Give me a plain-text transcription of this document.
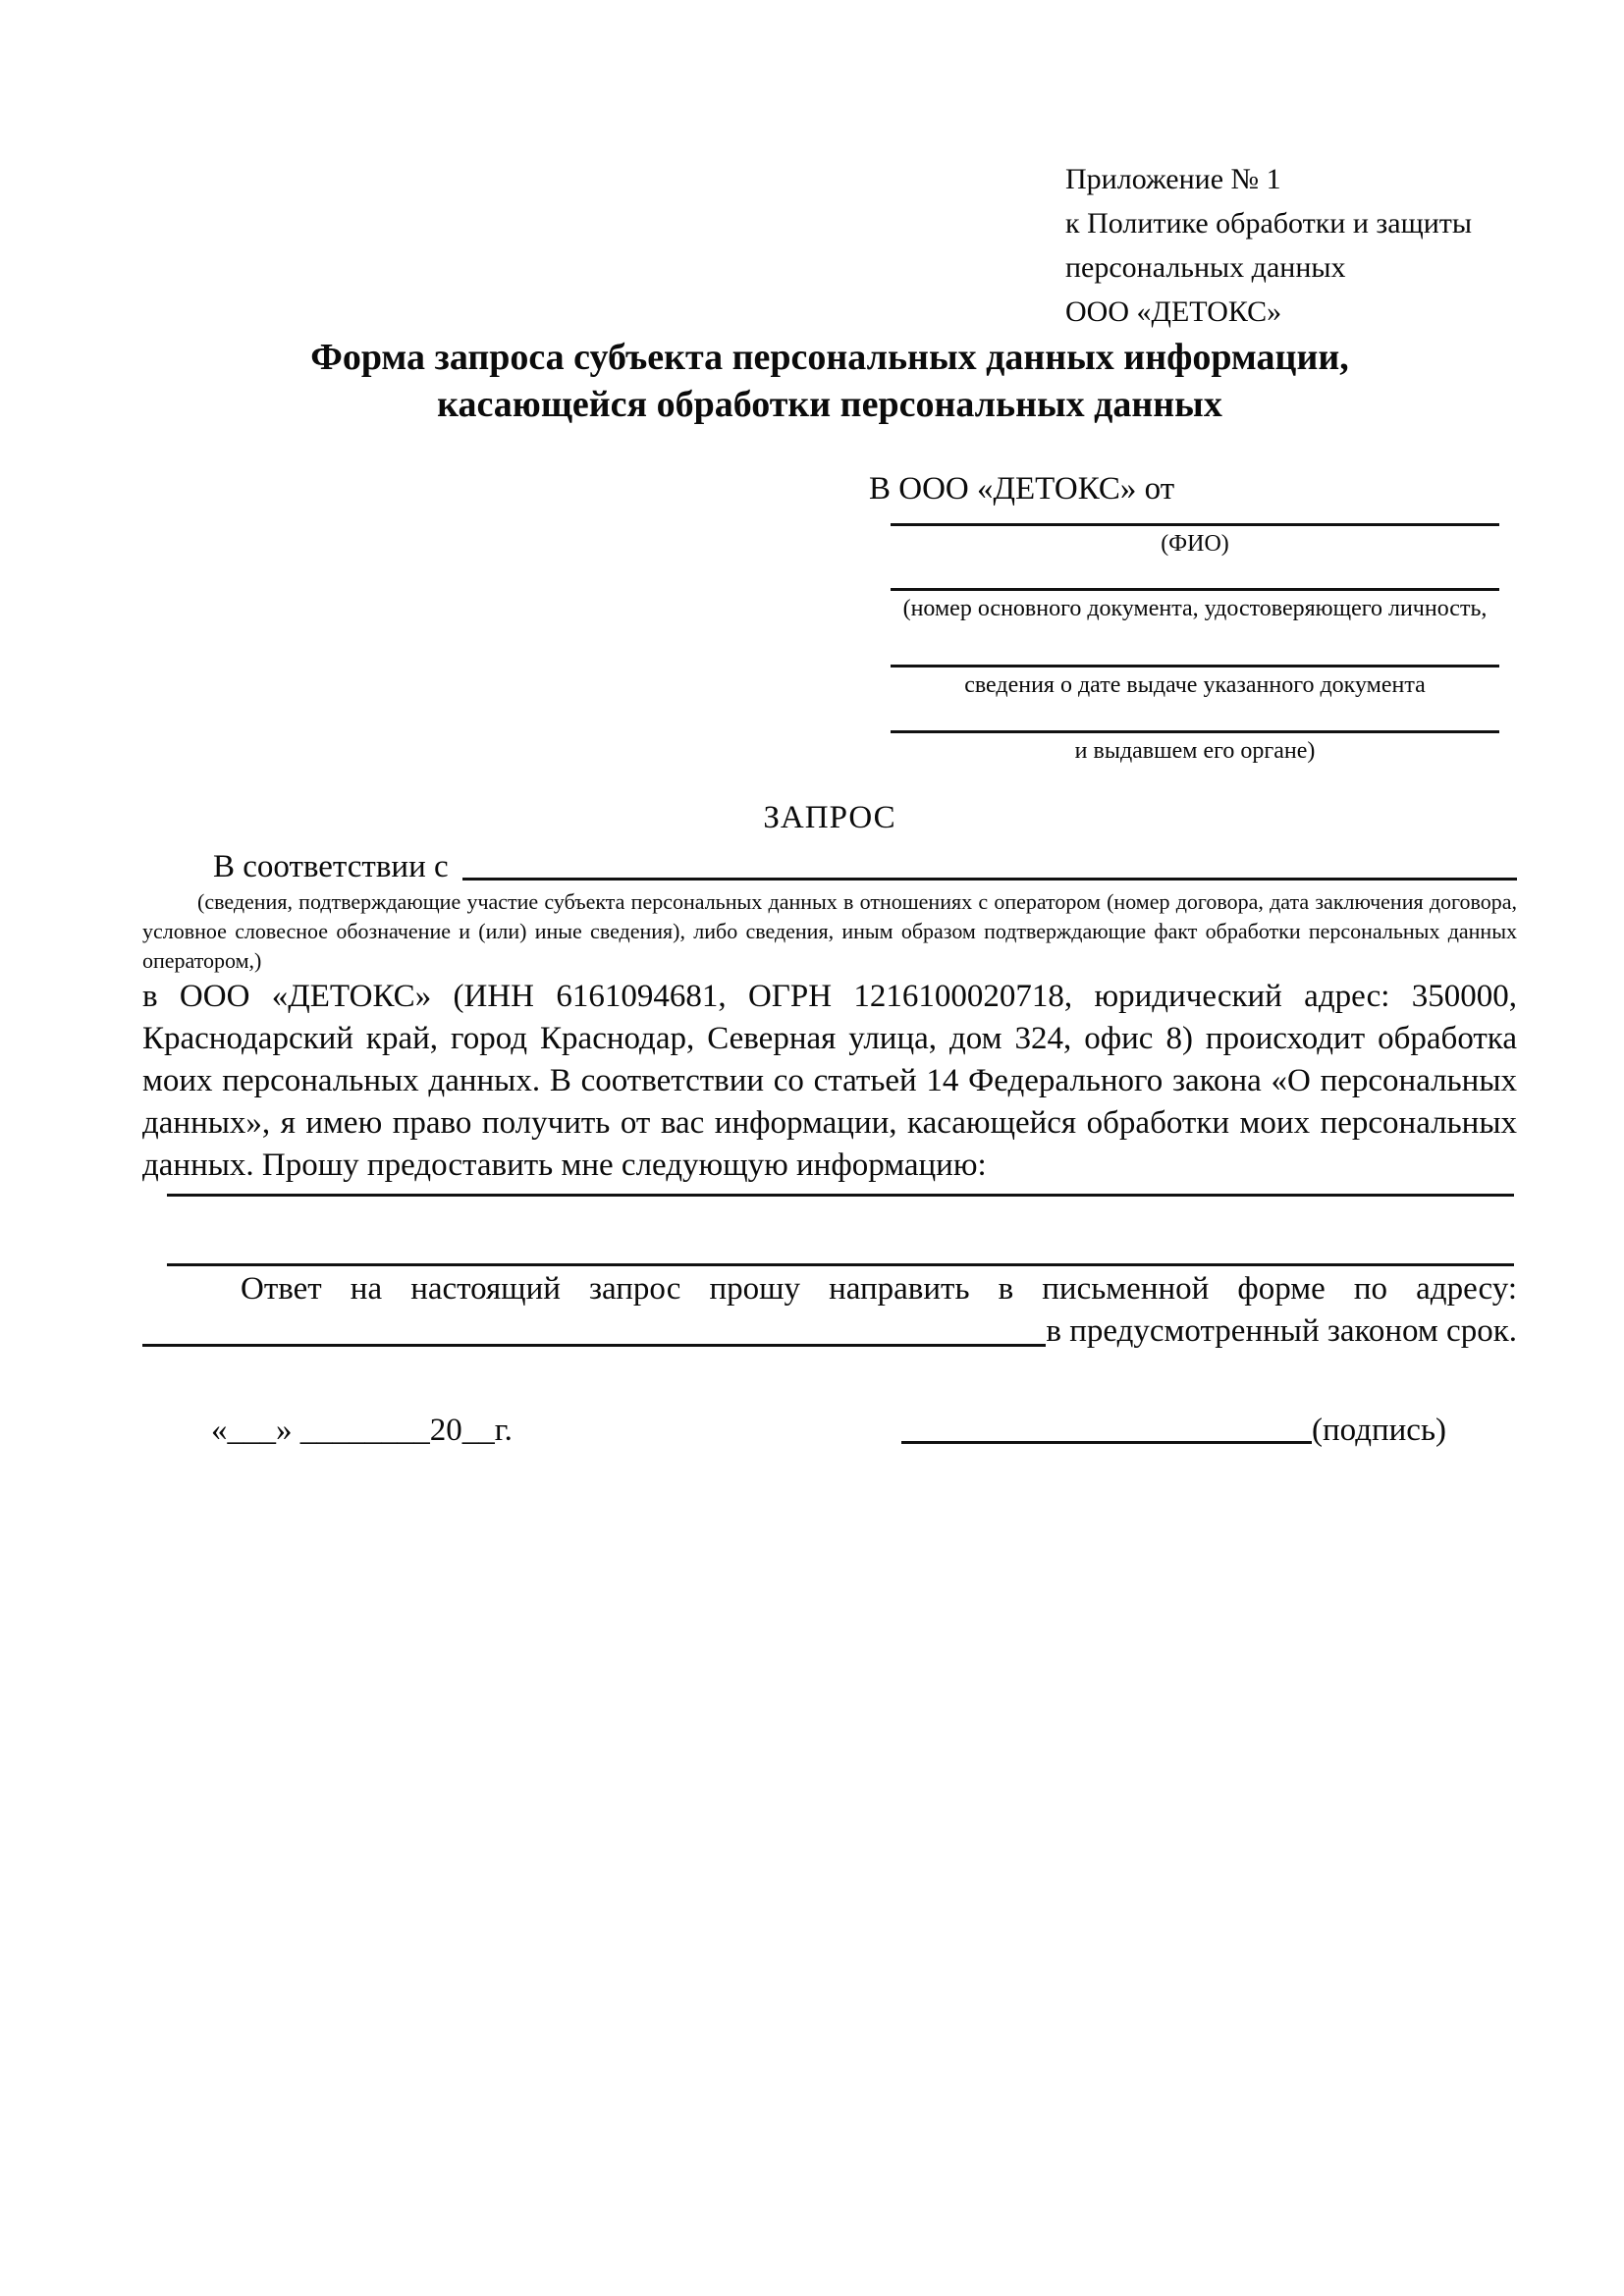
Приложение № 1
к Политике обработки и защиты
персональных данных
ООО «ДЕТОКС»
Форма запроса субъекта персональных данных информации,
касающейся обработки персональных данных
В ООО «ДЕТОКС» от
(ФИО)
(номер основного документа, удостоверяющего личность,
сведения о дате выдаче указанного документа
и выдавшем его органе)
ЗАПРОС
В соответствии с
(сведения, подтверждающие участие субъекта персональных данных в отношениях с оператором (номер договора, дата заключения договора, условное словесное обозначение и (или) иные сведения), либо сведения, иным образом подтверждающие факт обработки персональных данных оператором,)
в ООО «ДЕТОКС» (ИНН 6161094681, ОГРН 1216100020718, юридический адрес: 350000, Краснодарский край, город Краснодар, Северная улица, дом 324, офис 8) происходит обработка моих персональных данных. В соответствии со статьей 14 Федерального закона «О персональных данных», я имею право получить от вас информации, касающейся обработки моих персональных данных. Прошу предоставить мне следующую информацию:
Ответ на настоящий запрос прошу направить в письменной форме по адресу:
в предусмотренный законом срок.
«___» ________20__г.	(подпись)
